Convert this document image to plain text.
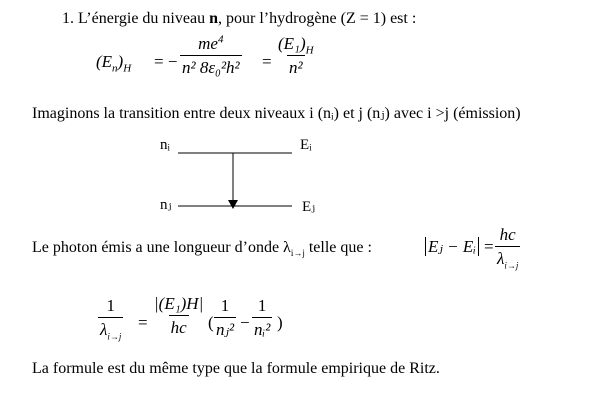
1. L’énergie du niveau n, pour l’hydrogène (Z = 1) est :
$(E_n)_H$ = − $\frac{me^4}{\text{n² 8ε₀²h²}} = \frac{(E_1)_H}{\text{n²}}$
Imaginons la transition entre deux niveaux i (nᵢ) et j (nⱼ) avec i >j (émission)
nᵢ	Eᵢ
nⱼ	Eⱼ
Le photon émis a une longueur d’onde $\lambda_{i\to j}$ telle que :	Eⱼ − Eᵢ = $\frac{hc}{\lambda_{i\to j}}$
$\frac{1}{\lambda_{i\to j}} = \frac{\text{|(E₁)H|}}{hc}$ ( $\frac{1}{\text{nⱼ²}} - \frac{1}{\text{nᵢ²}}$ )
La formule est du même type que la formule empirique de Ritz.
